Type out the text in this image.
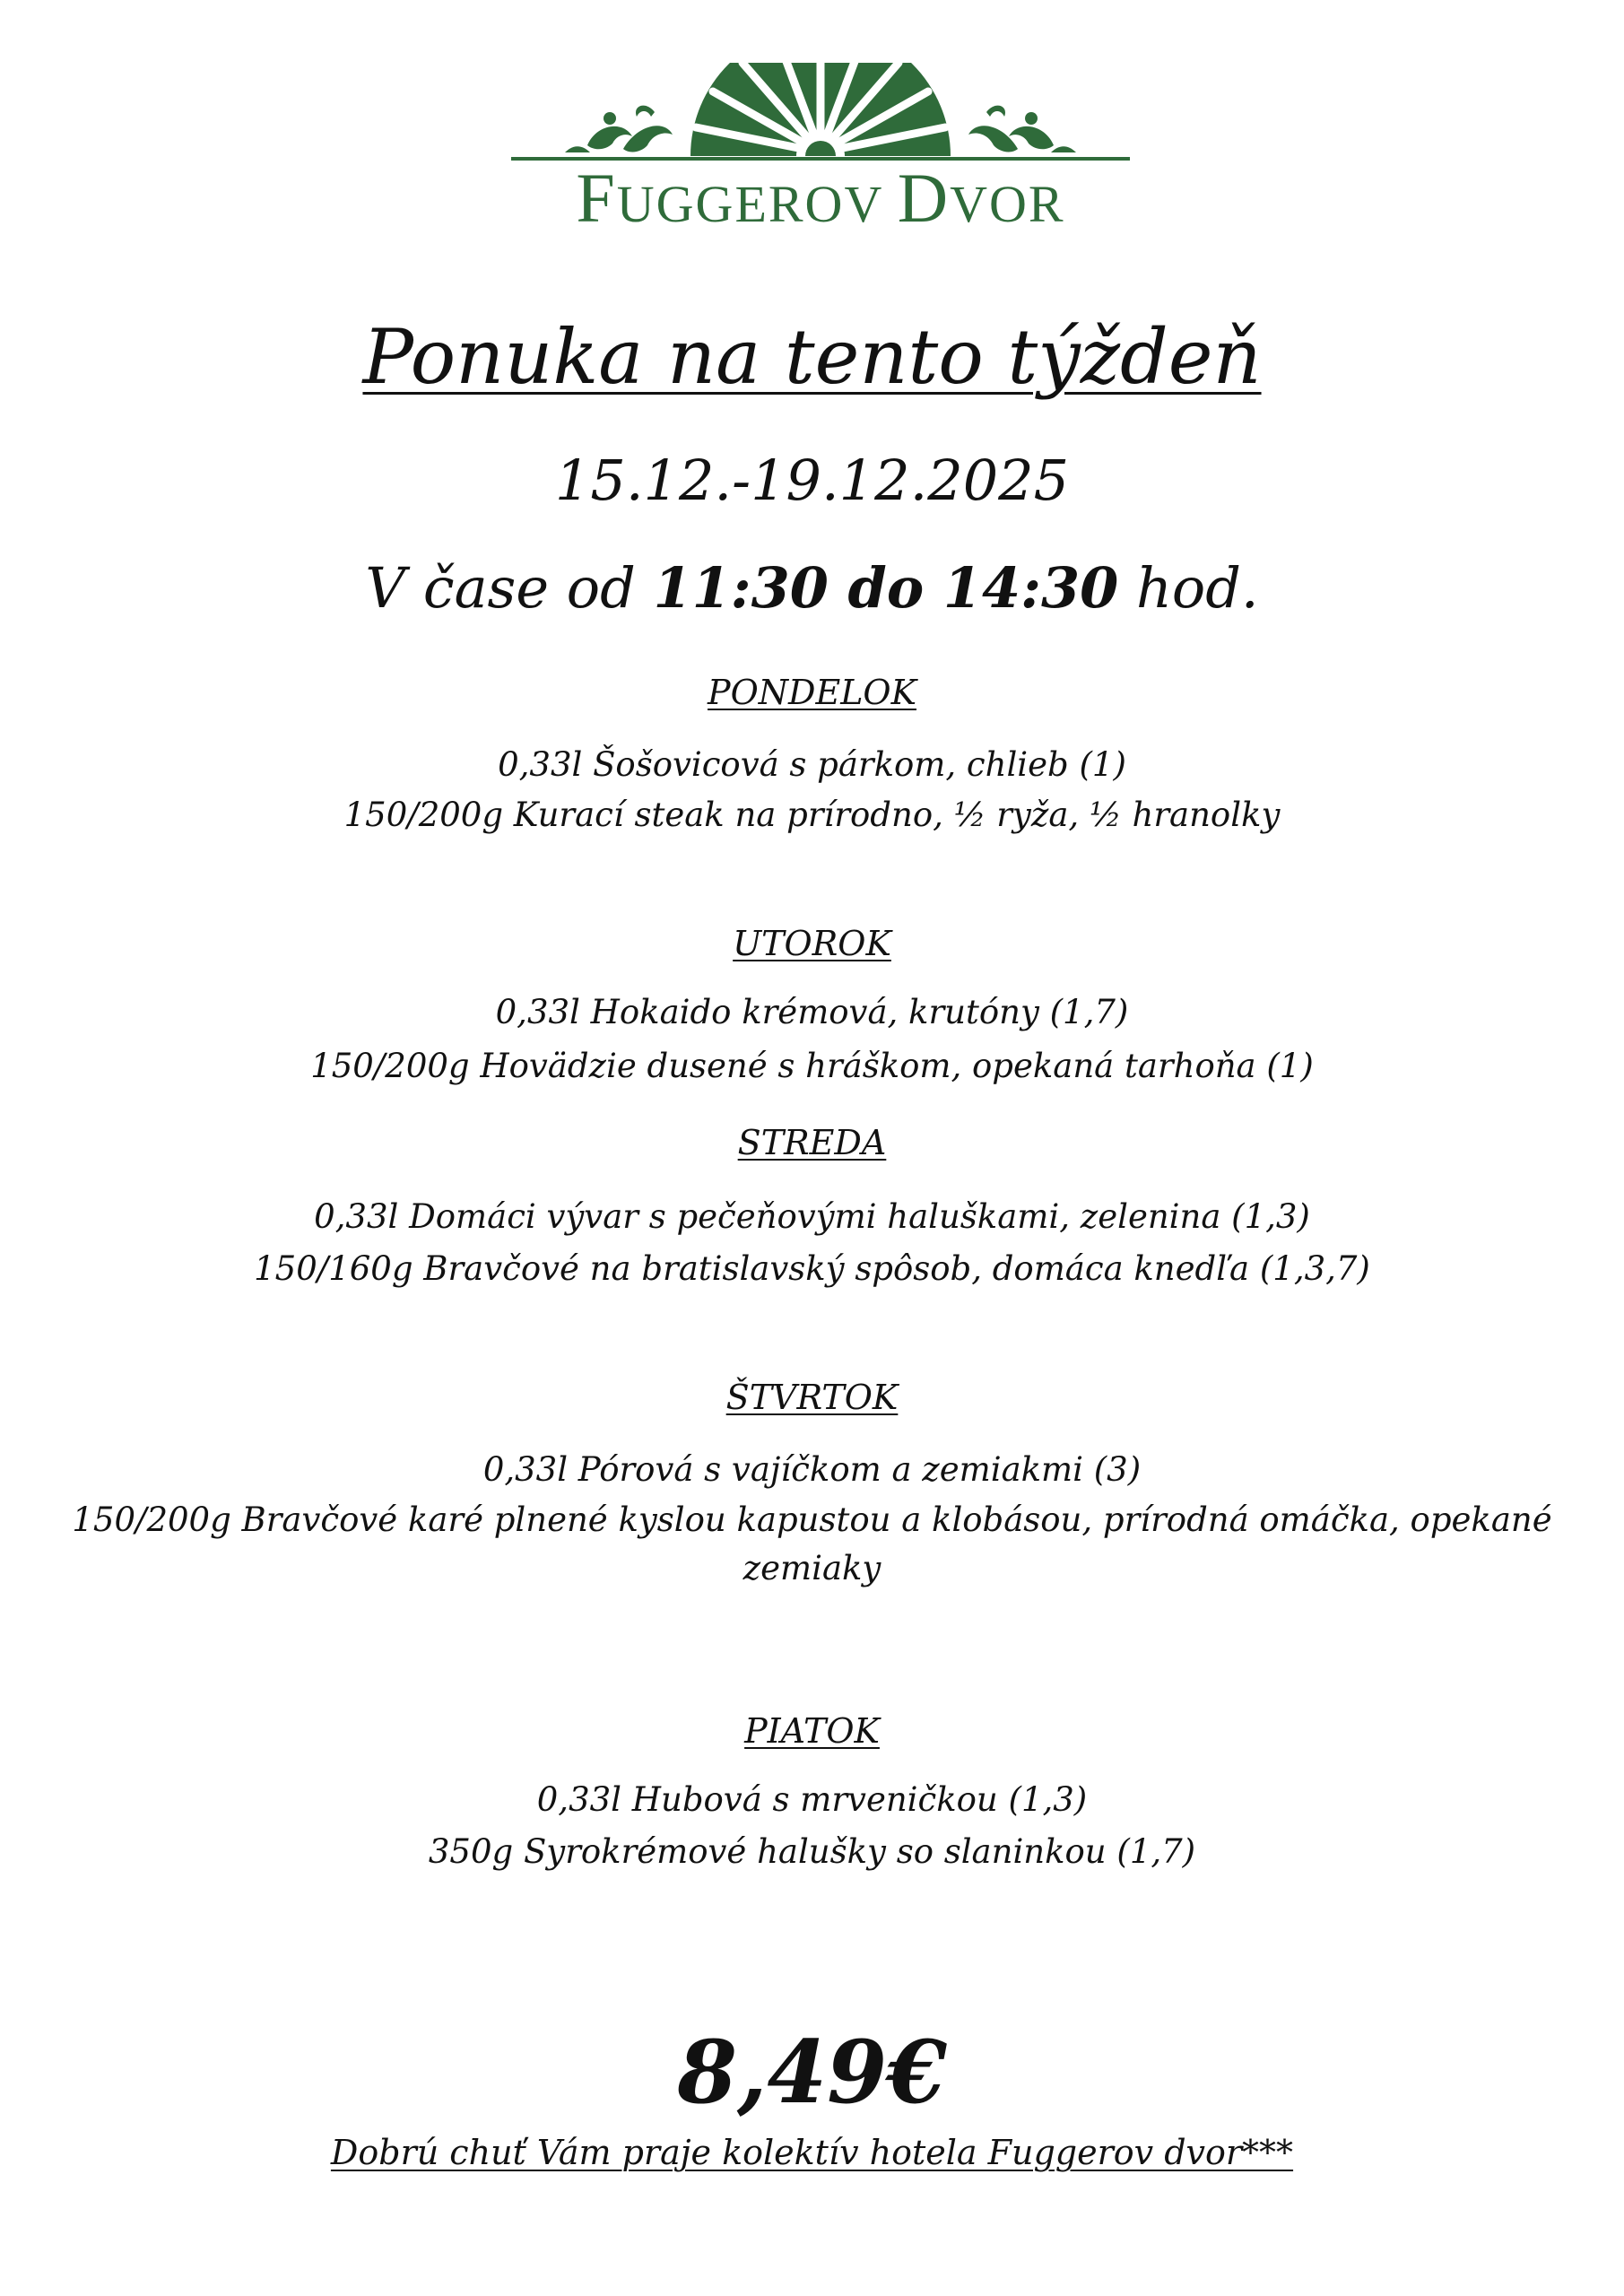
FUGGEROV DVOR
Ponuka na tento týždeň
15.12.-19.12.2025
V čase od 11:30 do 14:30 hod.
PONDELOK
0,33l Šošovicová s párkom, chlieb (1)
150/200g Kurací steak na prírodno, ½ ryža, ½ hranolky
UTOROK
0,33l Hokaido krémová, krutóny (1,7)
150/200g Hovädzie dusené s hráškom, opekaná tarhoňa (1)
STREDA
0,33l Domáci vývar s pečeňovými haluškami, zelenina (1,3)
150/160g Bravčové na bratislavský spôsob, domáca knedľa (1,3,7)
ŠTVRTOK
0,33l Pórová s vajíčkom a zemiakmi (3)
150/200g Bravčové karé plnené kyslou kapustou a klobásou, prírodná omáčka, opekané
zemiaky
PIATOK
0,33l Hubová s mrveničkou (1,3)
350g Syrokrémové halušky so slaninkou (1,7)
8,49€
Dobrú chuť Vám praje kolektív hotela Fuggerov dvor***
